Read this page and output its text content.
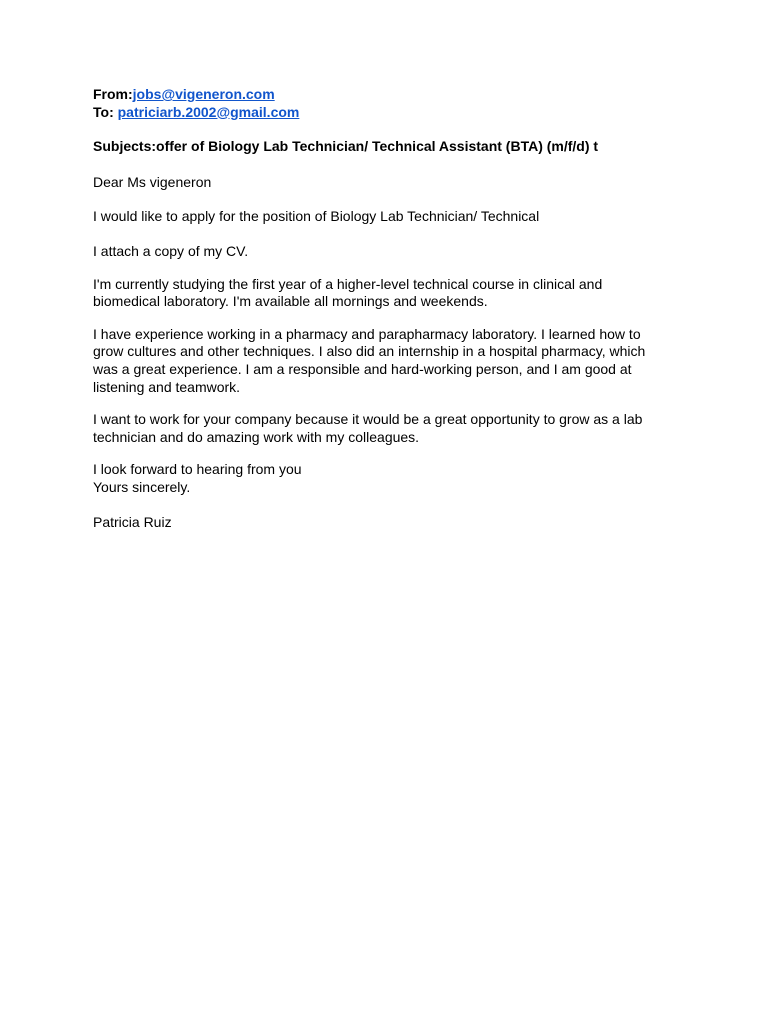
From:jobs@vigeneron.com
To: patriciarb.2002@gmail.com
Subjects:offer of Biology Lab Technician/ Technical Assistant (BTA) (m/f/d) t

Dear Ms vigeneron

I would like to apply for the position of Biology Lab Technician/ Technical

I attach a copy of my CV.

I'm currently studying the first year of a higher-level technical course in clinical and biomedical laboratory. I'm available all mornings and weekends.

I have experience working in a pharmacy and parapharmacy laboratory. I learned how to grow cultures and other techniques. I also did an internship in a hospital pharmacy, which was a great experience. I am a responsible and hard-working person, and I am good at listening and teamwork.

I want to work for your company because it would be a great opportunity to grow as a lab technician and do amazing work with my colleagues.

I look forward to hearing from you

Yours sincerely.

Patricia Ruiz
